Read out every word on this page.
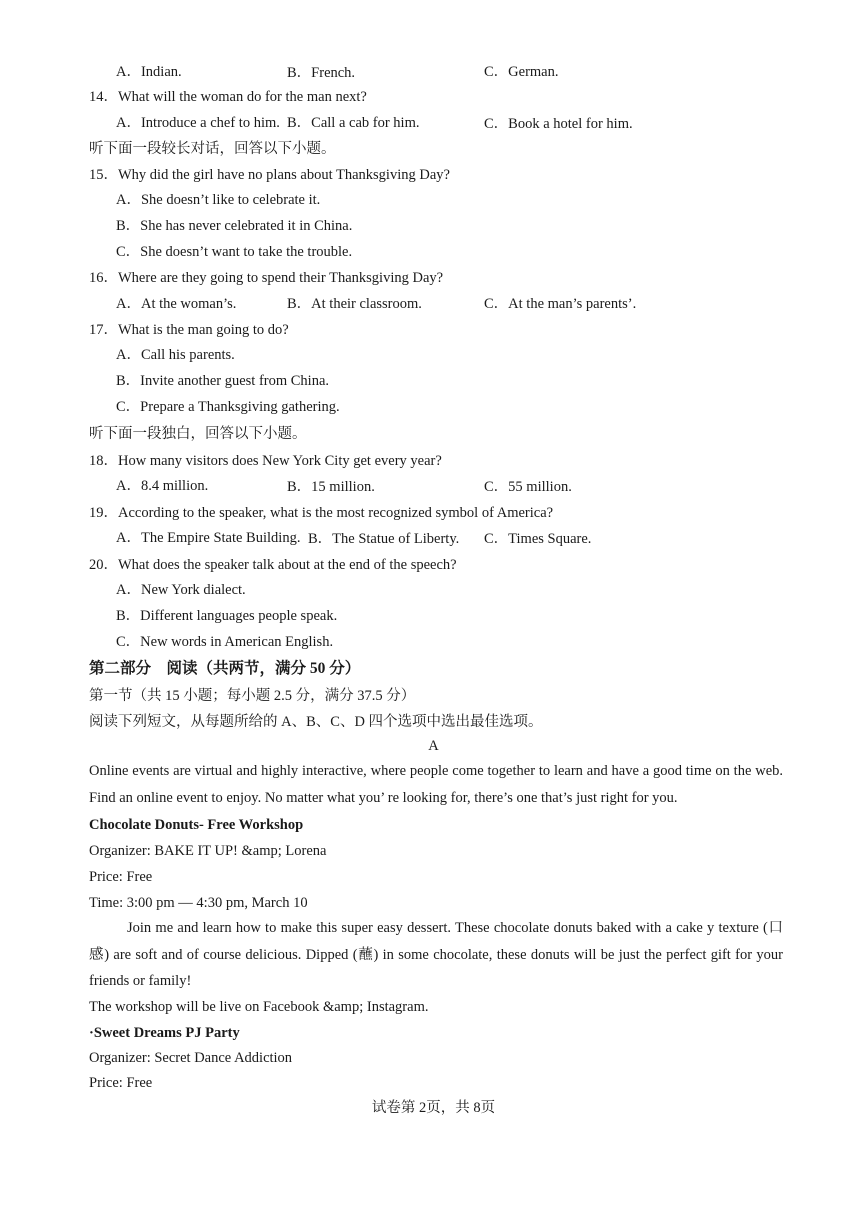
A．Indian.	B．French.	C．German.
14．What will the woman do for the man next?
A．Introduce a chef to him. B．Call a cab for him.	C．Book a hotel for him.
听下面一段较长对话，回答以下小题。
15．Why did the girl have no plans about Thanksgiving Day?
A．She doesn’t like to celebrate it.
B．She has never celebrated it in China.
C．She doesn’t want to take the trouble.
16．Where are they going to spend their Thanksgiving Day?
A．At the woman’s.	B．At their classroom.	C．At the man’s parents’.
17．What is the man going to do?
A．Call his parents.
B．Invite another guest from China.
C．Prepare a Thanksgiving gathering.
听下面一段独白，回答以下小题。
18．How many visitors does New York City get every year?
A．8.4 million.	B．15 million.	C．55 million.
19．According to the speaker, what is the most recognized symbol of America?
A．The Empire State Building. B．The Statue of Liberty. C．Times Square.
20．What does the speaker talk about at the end of the speech?
A．New York dialect.
B．Different languages people speak.
C．New words in American English.
第二部分　阅读（共两节，满分 50 分）
第一节（共 15 小题；每小题 2.5 分，满分 37.5 分）
阅读下列短文，从每题所给的 A、B、C、D 四个选项中选出最佳选项。
A
Online events are virtual and highly interactive, where people come together to learn and have a good time on the web. Find an online event to enjoy. No matter what you’ re looking for, there’s one that’s just right for you.
Chocolate Donuts- Free Workshop
Organizer: BAKE IT UP! &amp; Lorena
Price: Free
Time: 3:00 pm — 4:30 pm, March 10
Join me and learn how to make this super easy dessert. These chocolate donuts baked with a cake y texture (口感) are soft and of course delicious. Dipped (蘸) in some chocolate, these donuts will be just the perfect gift for your friends or family!
The workshop will be live on Facebook &amp; Instagram.
·Sweet Dreams PJ Party
Organizer: Secret Dance Addiction
Price: Free
试卷第 2页，共 8页
